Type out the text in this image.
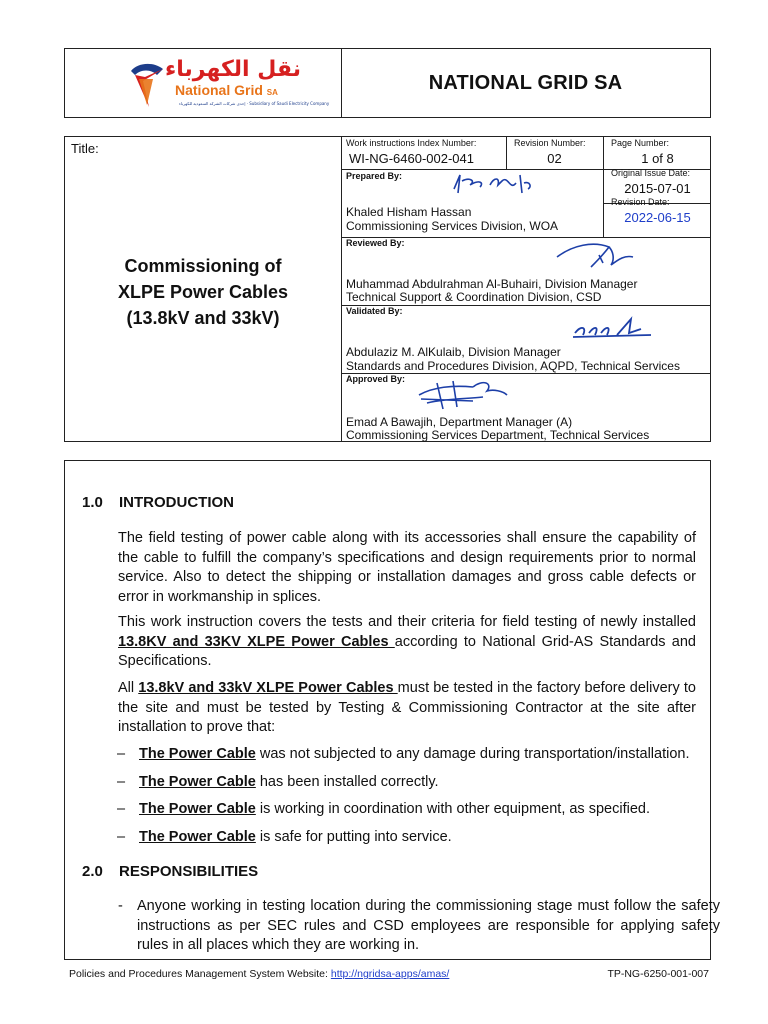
نقل الكهرباء
National Grid SA
إحدى شركات الشركة السعودية للكهرباء · Subsidiary of Saudi Electricity Company
NATIONAL GRID SA
Title:
Commissioning of
XLPE Power Cables
(13.8kV and 33kV)
Work instructions Index Number:
WI-NG-6460-002-041
Revision Number:
02
Page Number:
1 of 8
Prepared By:
Khaled Hisham Hassan
Commissioning Services Division, WOA
Original Issue Date:
2015-07-01
Revision Date:
2022-06-15
Reviewed By:
Muhammad Abdulrahman Al-Buhairi, Division Manager
Technical Support & Coordination Division, CSD
Validated By:
Abdulaziz M. AlKulaib, Division Manager
Standards and Procedures Division, AQPD, Technical Services
Approved By:
Emad A Bawajih, Department Manager (A)
Commissioning Services Department, Technical Services
1.0 INTRODUCTION
The field testing of power cable along with its accessories shall ensure the capability of the cable to fulfill the company’s specifications and design requirements prior to normal service. Also to detect the shipping or installation damages and gross cable defects or error in workmanship in splices.
This work instruction covers the tests and their criteria for field testing of newly installed 13.8KV and 33KV XLPE Power Cables according to National Grid-AS Standards and Specifications.
All 13.8kV and 33kV XLPE Power Cables must be tested in the factory before delivery to the site and must be tested by Testing & Commissioning Contractor at the site after installation to prove that:
– The Power Cable was not subjected to any damage during transportation/installation.
– The Power Cable has been installed correctly.
– The Power Cable is working in coordination with other equipment, as specified.
– The Power Cable is safe for putting into service.
2.0 RESPONSIBILITIES
- Anyone working in testing location during the commissioning stage must follow the safety instructions as per SEC rules and CSD employees are responsible for applying safety rules in all places which they are working in.
Policies and Procedures Management System Website: http://ngridsa-apps/amas/	TP-NG-6250-001-007
